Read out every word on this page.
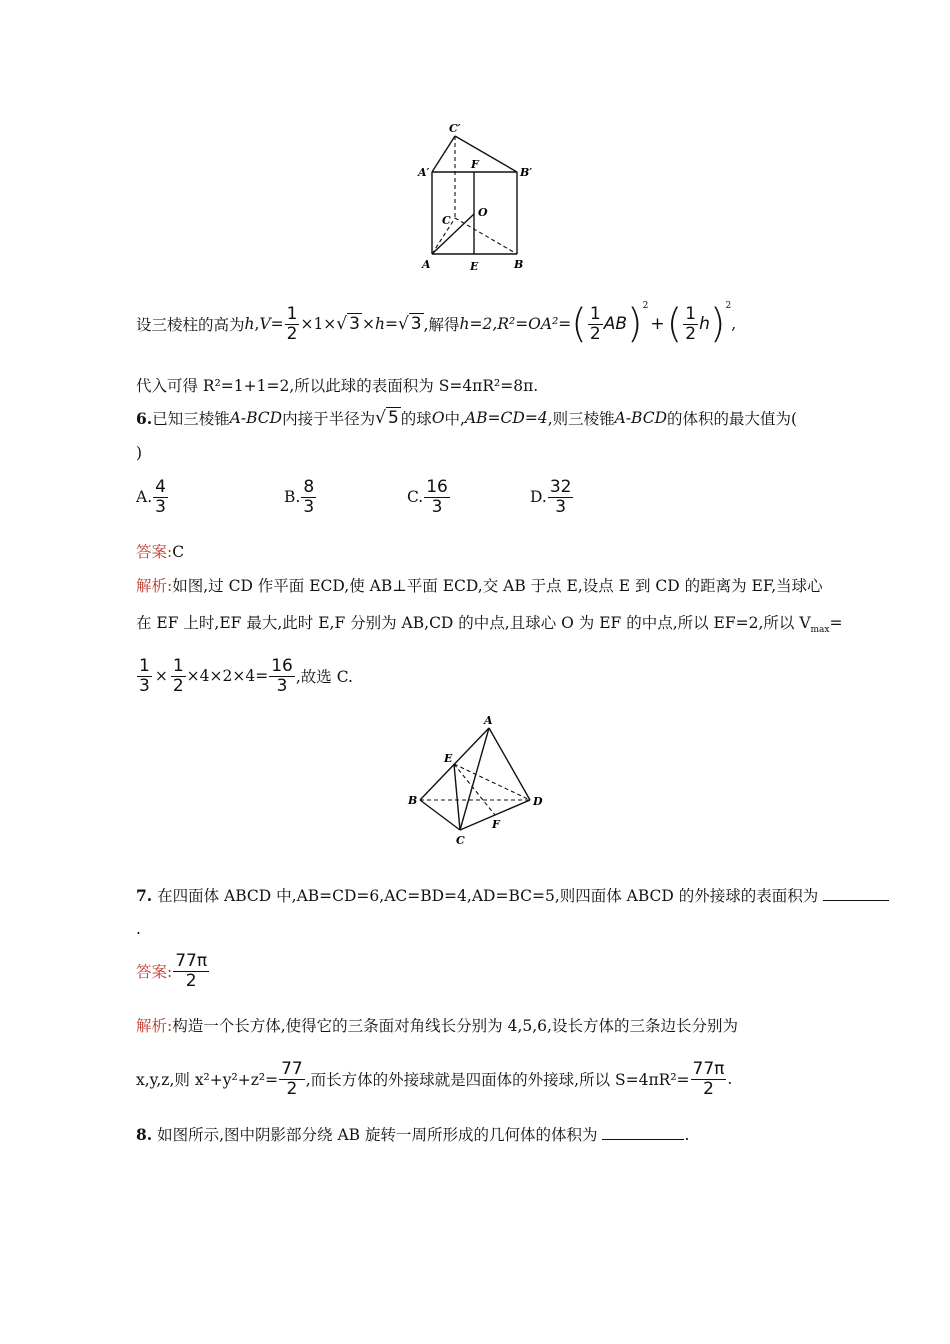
C′
A′
F
B′
C
O
A	E	B
设三棱柱的高为 h , $V= \frac{1}{2} \times 1\times$ √ 3 ×h= √ 3 ,解得 h=2, R²=OA²= ( $\frac{1}{2}$ AB )$^2$
+ ( $\frac{1}{2}$ h )$^2$
,
代入可得 R²=1+1=2,所以此球的表面积为 S=4πR²=8π.
6. 已知三棱锥 A-BCD 内接于半径为 √ 5 的球 O 中, AB=CD=4 ,则三棱锥 A-BCD 的体积的最大值为(
)
A. $\frac{4}{3}$	B. $\frac{8}{3}$	C. $\frac{16}{3}$	D. $\frac{32}{3}$
答案:C
解析:如图,过 CD 作平面 ECD,使 AB⊥平面 ECD,交 AB 于点 E,设点 E 到 CD 的距离为 EF,当球心
在 EF 上时,EF 最大,此时 E,F 分别为 AB,CD 的中点,且球心 O 为 EF 的中点,所以 EF=2,所以 $V_{max}=$
$\frac{1}{3} \times \frac{1}{2} \times 4\times 2\times 4= \frac{16}{3}$ ,故选 C.
A
E
B	D
F
C
7. 在四面体 ABCD 中,AB=CD=6,AC=BD=4,AD=BC=5,则四面体 ABCD 的外接球的表面积为
.
答案: $\frac{77\pi}{2}$
解析:构造一个长方体,使得它的三条面对角线长分别为 4,5,6,设长方体的三条边长分别为
x,y,z,则 $x^2+y^2+z^2= \frac{77}{2}$ ,而长方体的外接球就是四面体的外接球,所以 $S=4\pi R^2= \frac{77\pi}{2}$ .
8. 如图所示,图中阴影部分绕 AB 旋转一周所形成的几何体的体积为	.
